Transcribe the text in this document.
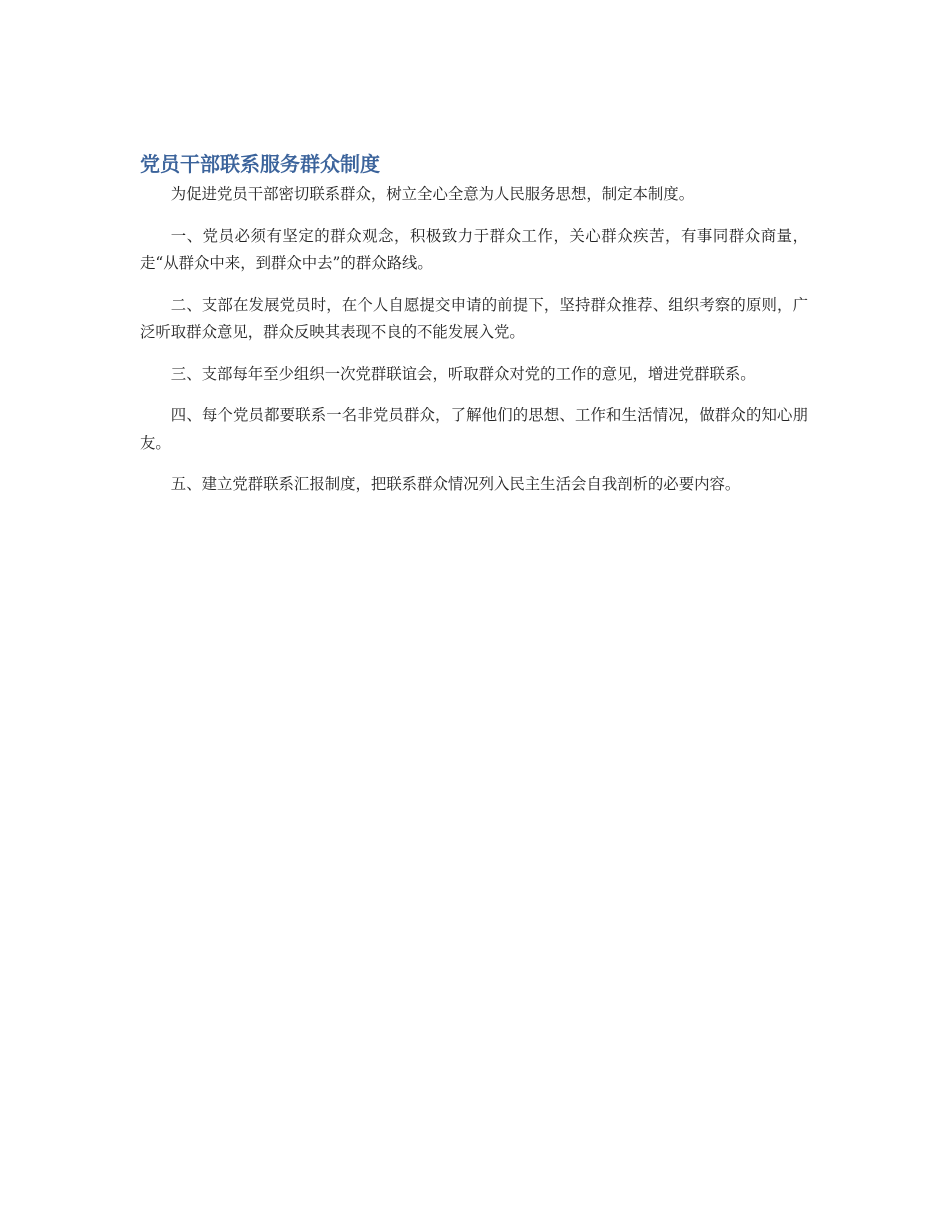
党员干部联系服务群众制度

为促进党员干部密切联系群众，树立全心全意为人民服务思想，制定本制度。

一、党员必须有坚定的群众观念，积极致力于群众工作，关心群众疾苦，有事同群众商量，走“从群众中来，到群众中去”的群众路线。

二、支部在发展党员时，在个人自愿提交申请的前提下，坚持群众推荐、组织考察的原则，广泛听取群众意见，群众反映其表现不良的不能发展入党。

三、支部每年至少组织一次党群联谊会，听取群众对党的工作的意见，增进党群联系。

四、每个党员都要联系一名非党员群众，了解他们的思想、工作和生活情况，做群众的知心朋友。

五、建立党群联系汇报制度，把联系群众情况列入民主生活会自我剖析的必要内容。
